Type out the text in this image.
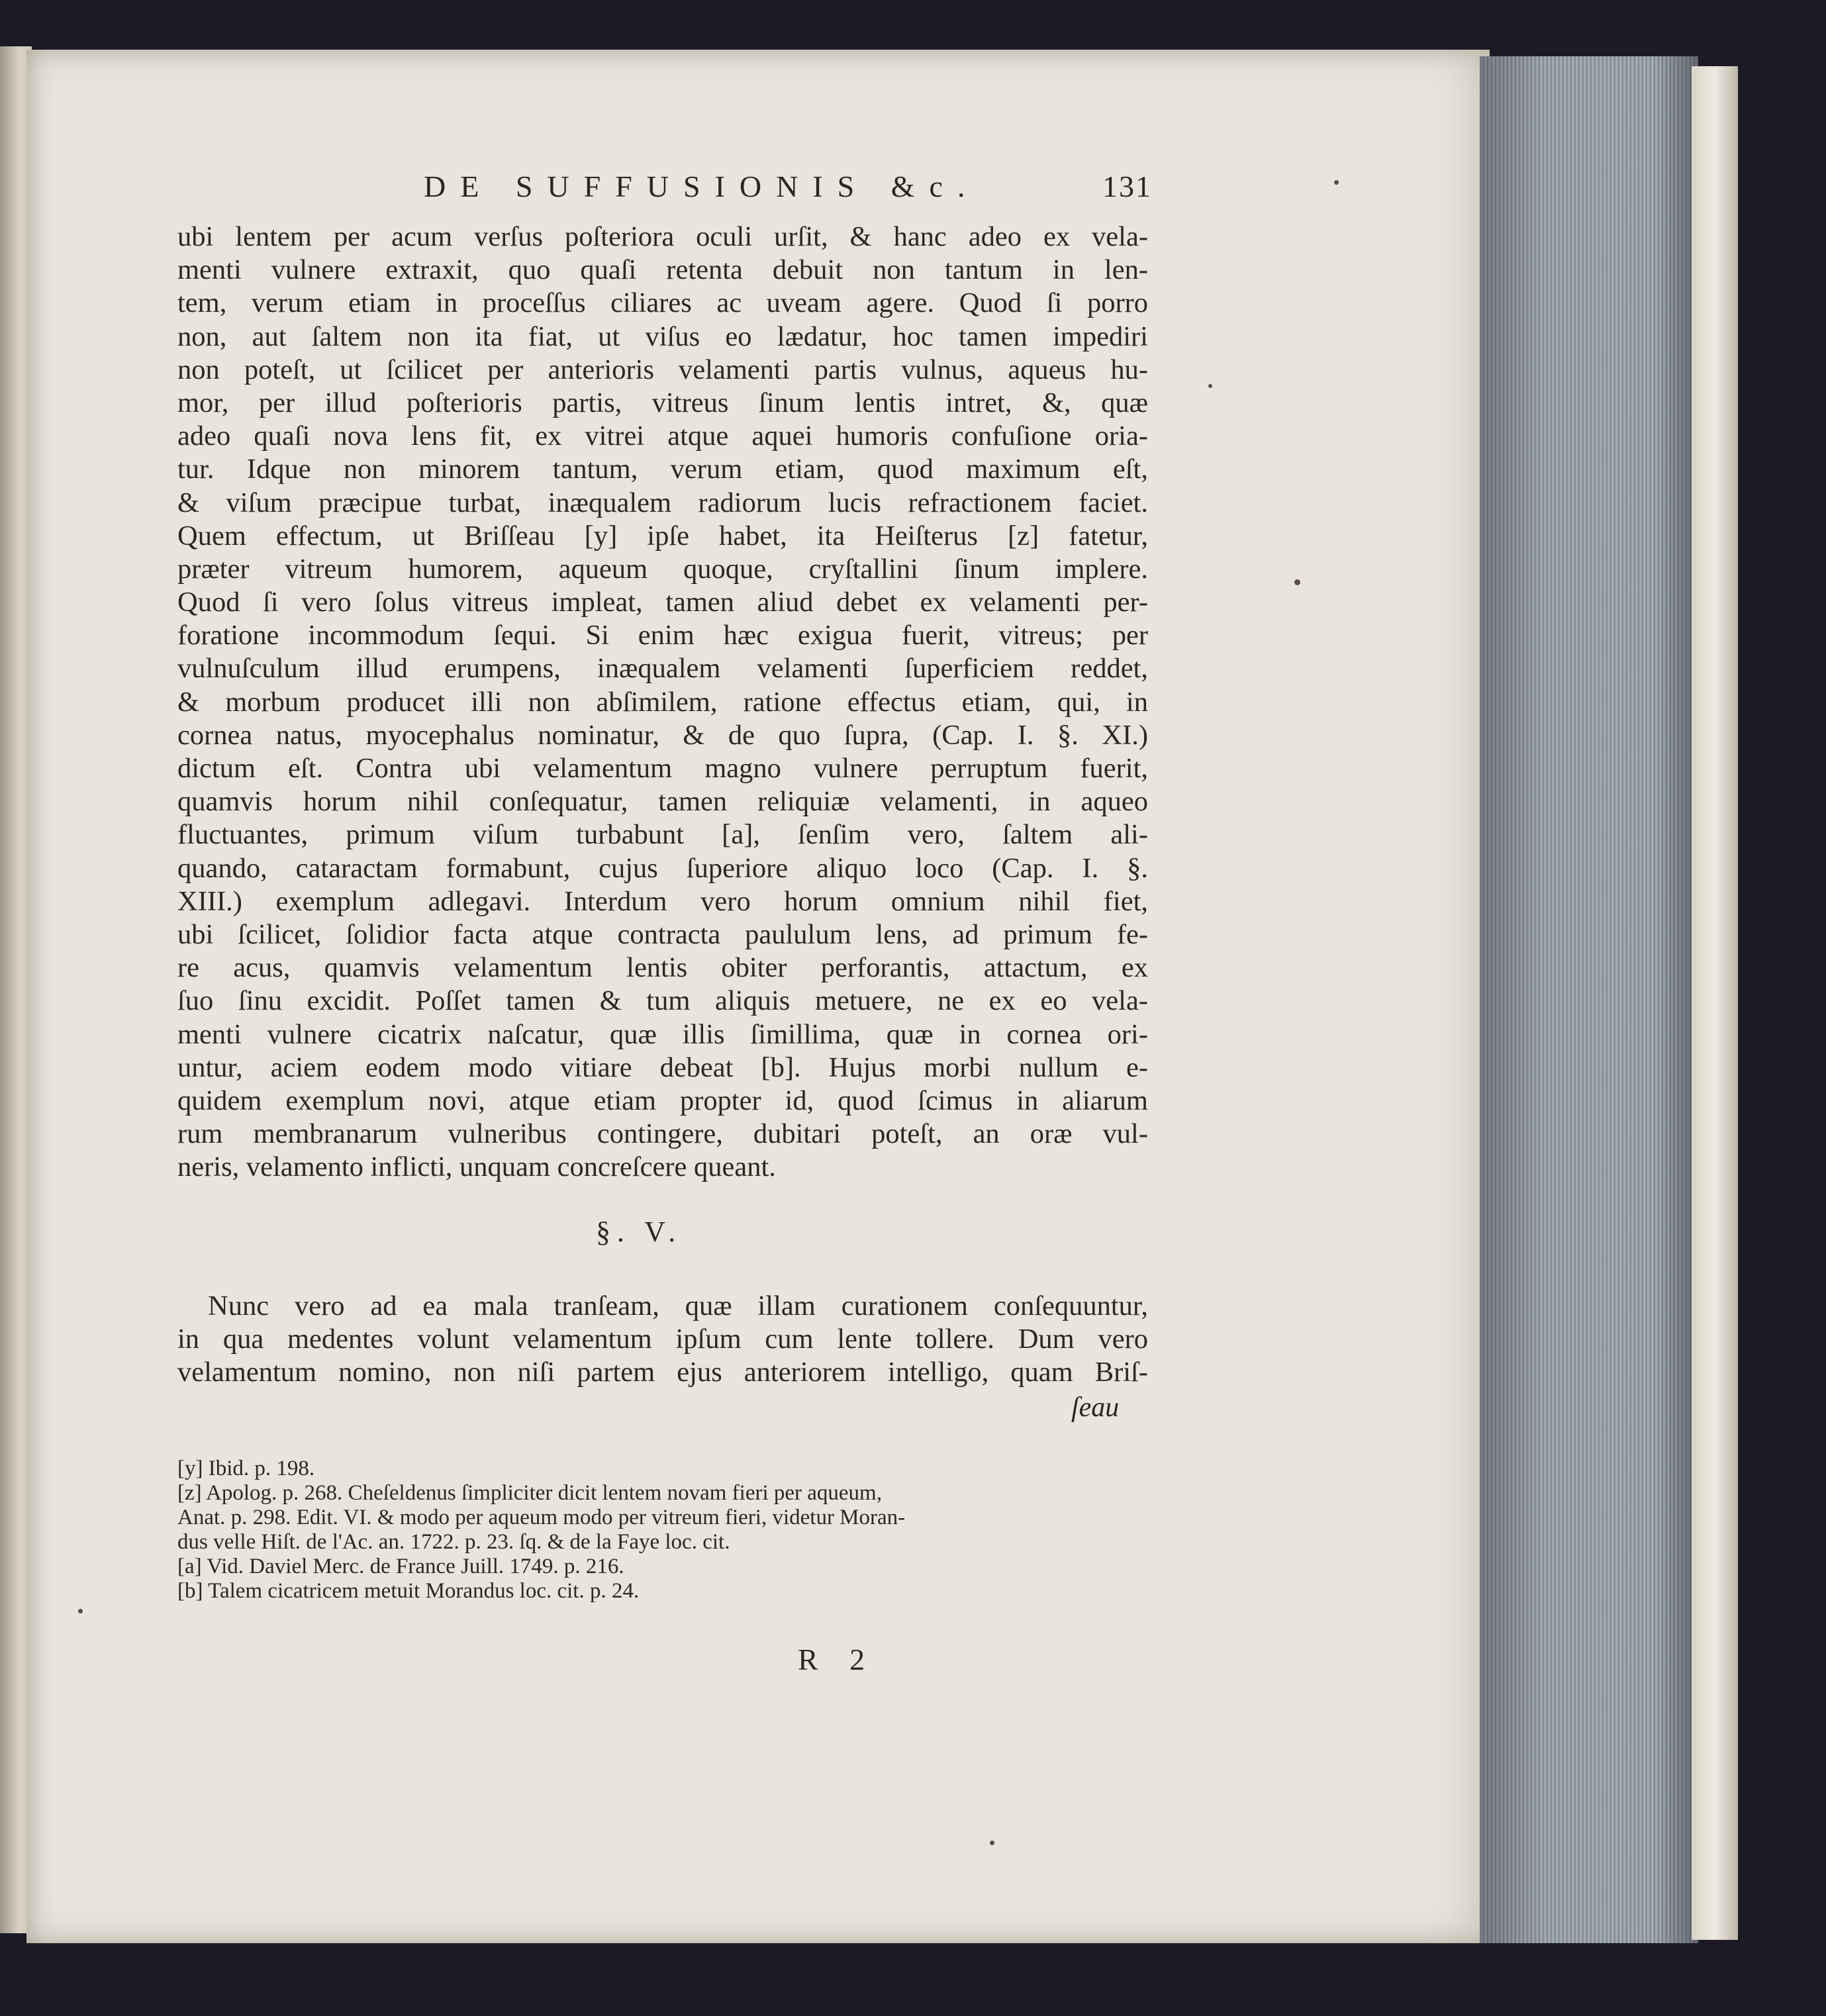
DE SUFFUSIONIS &c.	131
ubi lentem per acum verſus poſteriora oculi urſit, & hanc adeo ex vela-
menti vulnere extraxit, quo quaſi retenta debuit non tantum in len-
tem, verum etiam in proceſſus ciliares ac uveam agere. Quod ſi porro
non, aut ſaltem non ita fiat, ut viſus eo lædatur, hoc tamen impediri
non poteſt, ut ſcilicet per anterioris velamenti partis vulnus, aqueus hu-
mor, per illud poſterioris partis, vitreus ſinum lentis intret, &, quæ
adeo quaſi nova lens fit, ex vitrei atque aquei humoris confuſione oria-
tur. Idque non minorem tantum, verum etiam, quod maximum eſt,
& viſum præcipue turbat, inæqualem radiorum lucis refractionem faciet.
Quem effectum, ut Briſſeau [y] ipſe habet, ita Heiſterus [z] fatetur,
præter vitreum humorem, aqueum quoque, cryſtallini ſinum implere.
Quod ſi vero ſolus vitreus impleat, tamen aliud debet ex velamenti per-
foratione incommodum ſequi. Si enim hæc exigua fuerit, vitreus; per
vulnuſculum illud erumpens, inæqualem velamenti ſuperficiem reddet,
& morbum producet illi non abſimilem, ratione effectus etiam, qui, in
cornea natus, myocephalus nominatur, & de quo ſupra, (Cap. I. §. XI.)
dictum eſt. Contra ubi velamentum magno vulnere perruptum fuerit,
quamvis horum nihil conſequatur, tamen reliquiæ velamenti, in aqueo
fluctuantes, primum viſum turbabunt [a], ſenſim vero, ſaltem ali-
quando, cataractam formabunt, cujus ſuperiore aliquo loco (Cap. I. §.
XIII.) exemplum adlegavi. Interdum vero horum omnium nihil fiet,
ubi ſcilicet, ſolidior facta atque contracta paululum lens, ad primum fe-
re acus, quamvis velamentum lentis obiter perforantis, attactum, ex
ſuo ſinu excidit. Poſſet tamen & tum aliquis metuere, ne ex eo vela-
menti vulnere cicatrix naſcatur, quæ illis ſimillima, quæ in cornea ori-
untur, aciem eodem modo vitiare debeat [b]. Hujus morbi nullum e-
quidem exemplum novi, atque etiam propter id, quod ſcimus in aliarum
rum membranarum vulneribus contingere, dubitari poteſt, an oræ vul-
neris, velamento inflicti, unquam concreſcere queant.
§. V.
Nunc vero ad ea mala tranſeam, quæ illam curationem conſequuntur,
in qua medentes volunt velamentum ipſum cum lente tollere. Dum vero
velamentum nomino, non niſi partem ejus anteriorem intelligo, quam Briſ-
ſeau
[y] Ibid. p. 198.
[z] Apolog. p. 268. Cheſeldenus ſimpliciter dicit lentem novam fieri per aqueum,
Anat. p. 298. Edit. VI. & modo per aqueum modo per vitreum fieri, videtur Moran-
dus velle Hiſt. de l'Ac. an. 1722. p. 23. ſq. & de la Faye loc. cit.
[a] Vid. Daviel Merc. de France Juill. 1749. p. 216.
[b] Talem cicatricem metuit Morandus loc. cit. p. 24.
R 2
